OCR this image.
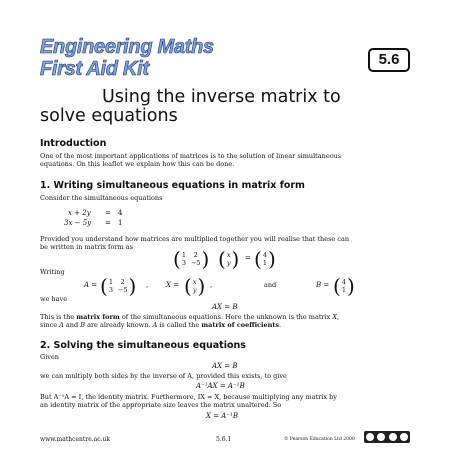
Engineering Maths
First Aid Kit	5.6
Using the inverse matrix to
solve equations
Introduction
One of the most important applications of matrices is to the solution of linear simultaneous
equations. On this leaflet we explain how this can be done.
1. Writing simultaneous equations in matrix form
Consider the simultaneous equations
x + 2y = 4
3x − 5y = 1
Provided you understand how matrices are multiplied together you will realise that these can
be written in matrix form as	( 1	2
3 −5 ) ( x
y ) = ( 4
1 )
Writing
A = ( 1	2
3 −5 ) ,	X = ( x
y ) ,	and	B = ( 4
1 )
we have
AX = B
This is the matrix form of the simultaneous equations. Here the unknown is the matrix X,
since A and B are already known. A is called the matrix of coefficients.
2. Solving the simultaneous equations
Given
AX = B
we can multiply both sides by the inverse of A, provided this exists, to give
A⁻¹AX = A⁻¹B
But A⁻¹A = I, the identity matrix. Furthermore, IX = X, because multiplying any matrix by
an identity matrix of the appropriate size leaves the matrix unaltered. So
X = A⁻¹B
www.mathcentre.ac.uk	5.6.1	© Pearson Education Ltd 2000
